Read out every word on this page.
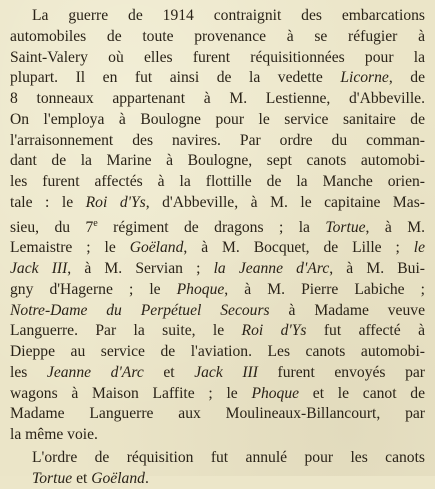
La guerre de 1914 contraignit des embarcations
automobiles de toute provenance à se réfugier à
Saint-Valery où elles furent réquisitionnées pour la
plupart. Il en fut ainsi de la vedette Licorne, de
8 tonneaux appartenant à M. Lestienne, d'Abbeville.
On l'employa à Boulogne pour le service sanitaire de
l'arraisonnement des navires. Par ordre du comman-
dant de la Marine à Boulogne, sept canots automobi-
les furent affectés à la flottille de la Manche orien-
tale : le Roi d'Ys, d'Abbeville, à M. le capitaine Mas-
sieu, du 7e régiment de dragons ; la Tortue, à M.
Lemaistre ; le Goëland, à M. Bocquet, de Lille ; le
Jack III, à M. Servian ; la Jeanne d'Arc, à M. Bui-
gny d'Hagerne ; le Phoque, à M. Pierre Labiche ;
Notre-Dame du Perpétuel Secours à Madame veuve
Languerre. Par la suite, le Roi d'Ys fut affecté à
Dieppe au service de l'aviation. Les canots automobi-
les Jeanne d'Arc et Jack III furent envoyés par
wagons à Maison Laffite ; le Phoque et le canot de
Madame Languerre aux Moulineaux-Billancourt, par
la même voie.

L'ordre de réquisition fut annulé pour les canots
Tortue et Goëland.
